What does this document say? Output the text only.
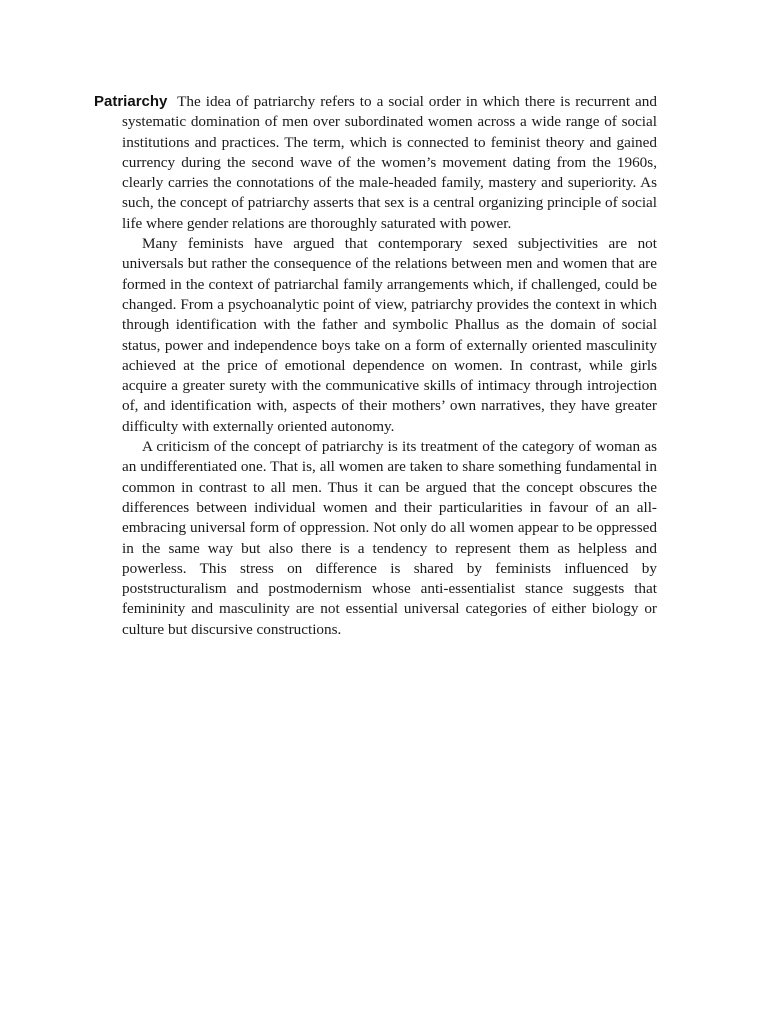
Patriarchy The idea of patriarchy refers to a social order in which there is recurrent and systematic domination of men over subordinated women across a wide range of social institutions and practices. The term, which is connected to feminist theory and gained currency during the second wave of the women’s movement dating from the 1960s, clearly carries the connotations of the male-headed family, mastery and superiority. As such, the concept of patriarchy asserts that sex is a central organizing principle of social life where gender relations are thoroughly saturated with power.

Many feminists have argued that contemporary sexed subjectivities are not universals but rather the consequence of the relations between men and women that are formed in the context of patriarchal family arrangements which, if challenged, could be changed. From a psychoanalytic point of view, patriarchy provides the context in which through identification with the father and symbolic Phallus as the domain of social status, power and independence boys take on a form of externally oriented masculinity achieved at the price of emotional dependence on women. In contrast, while girls acquire a greater surety with the communicative skills of intimacy through introjection of, and identification with, aspects of their mothers’ own narratives, they have greater difficulty with externally oriented autonomy.

A criticism of the concept of patriarchy is its treatment of the category of woman as an undifferentiated one. That is, all women are taken to share something fundamental in common in contrast to all men. Thus it can be argued that the concept obscures the differences between individual women and their particularities in favour of an all-embracing universal form of oppression. Not only do all women appear to be oppressed in the same way but also there is a tendency to represent them as helpless and powerless. This stress on difference is shared by feminists influenced by poststructuralism and postmodernism whose anti-essentialist stance suggests that femininity and masculinity are not essential universal categories of either biology or culture but discursive constructions.
